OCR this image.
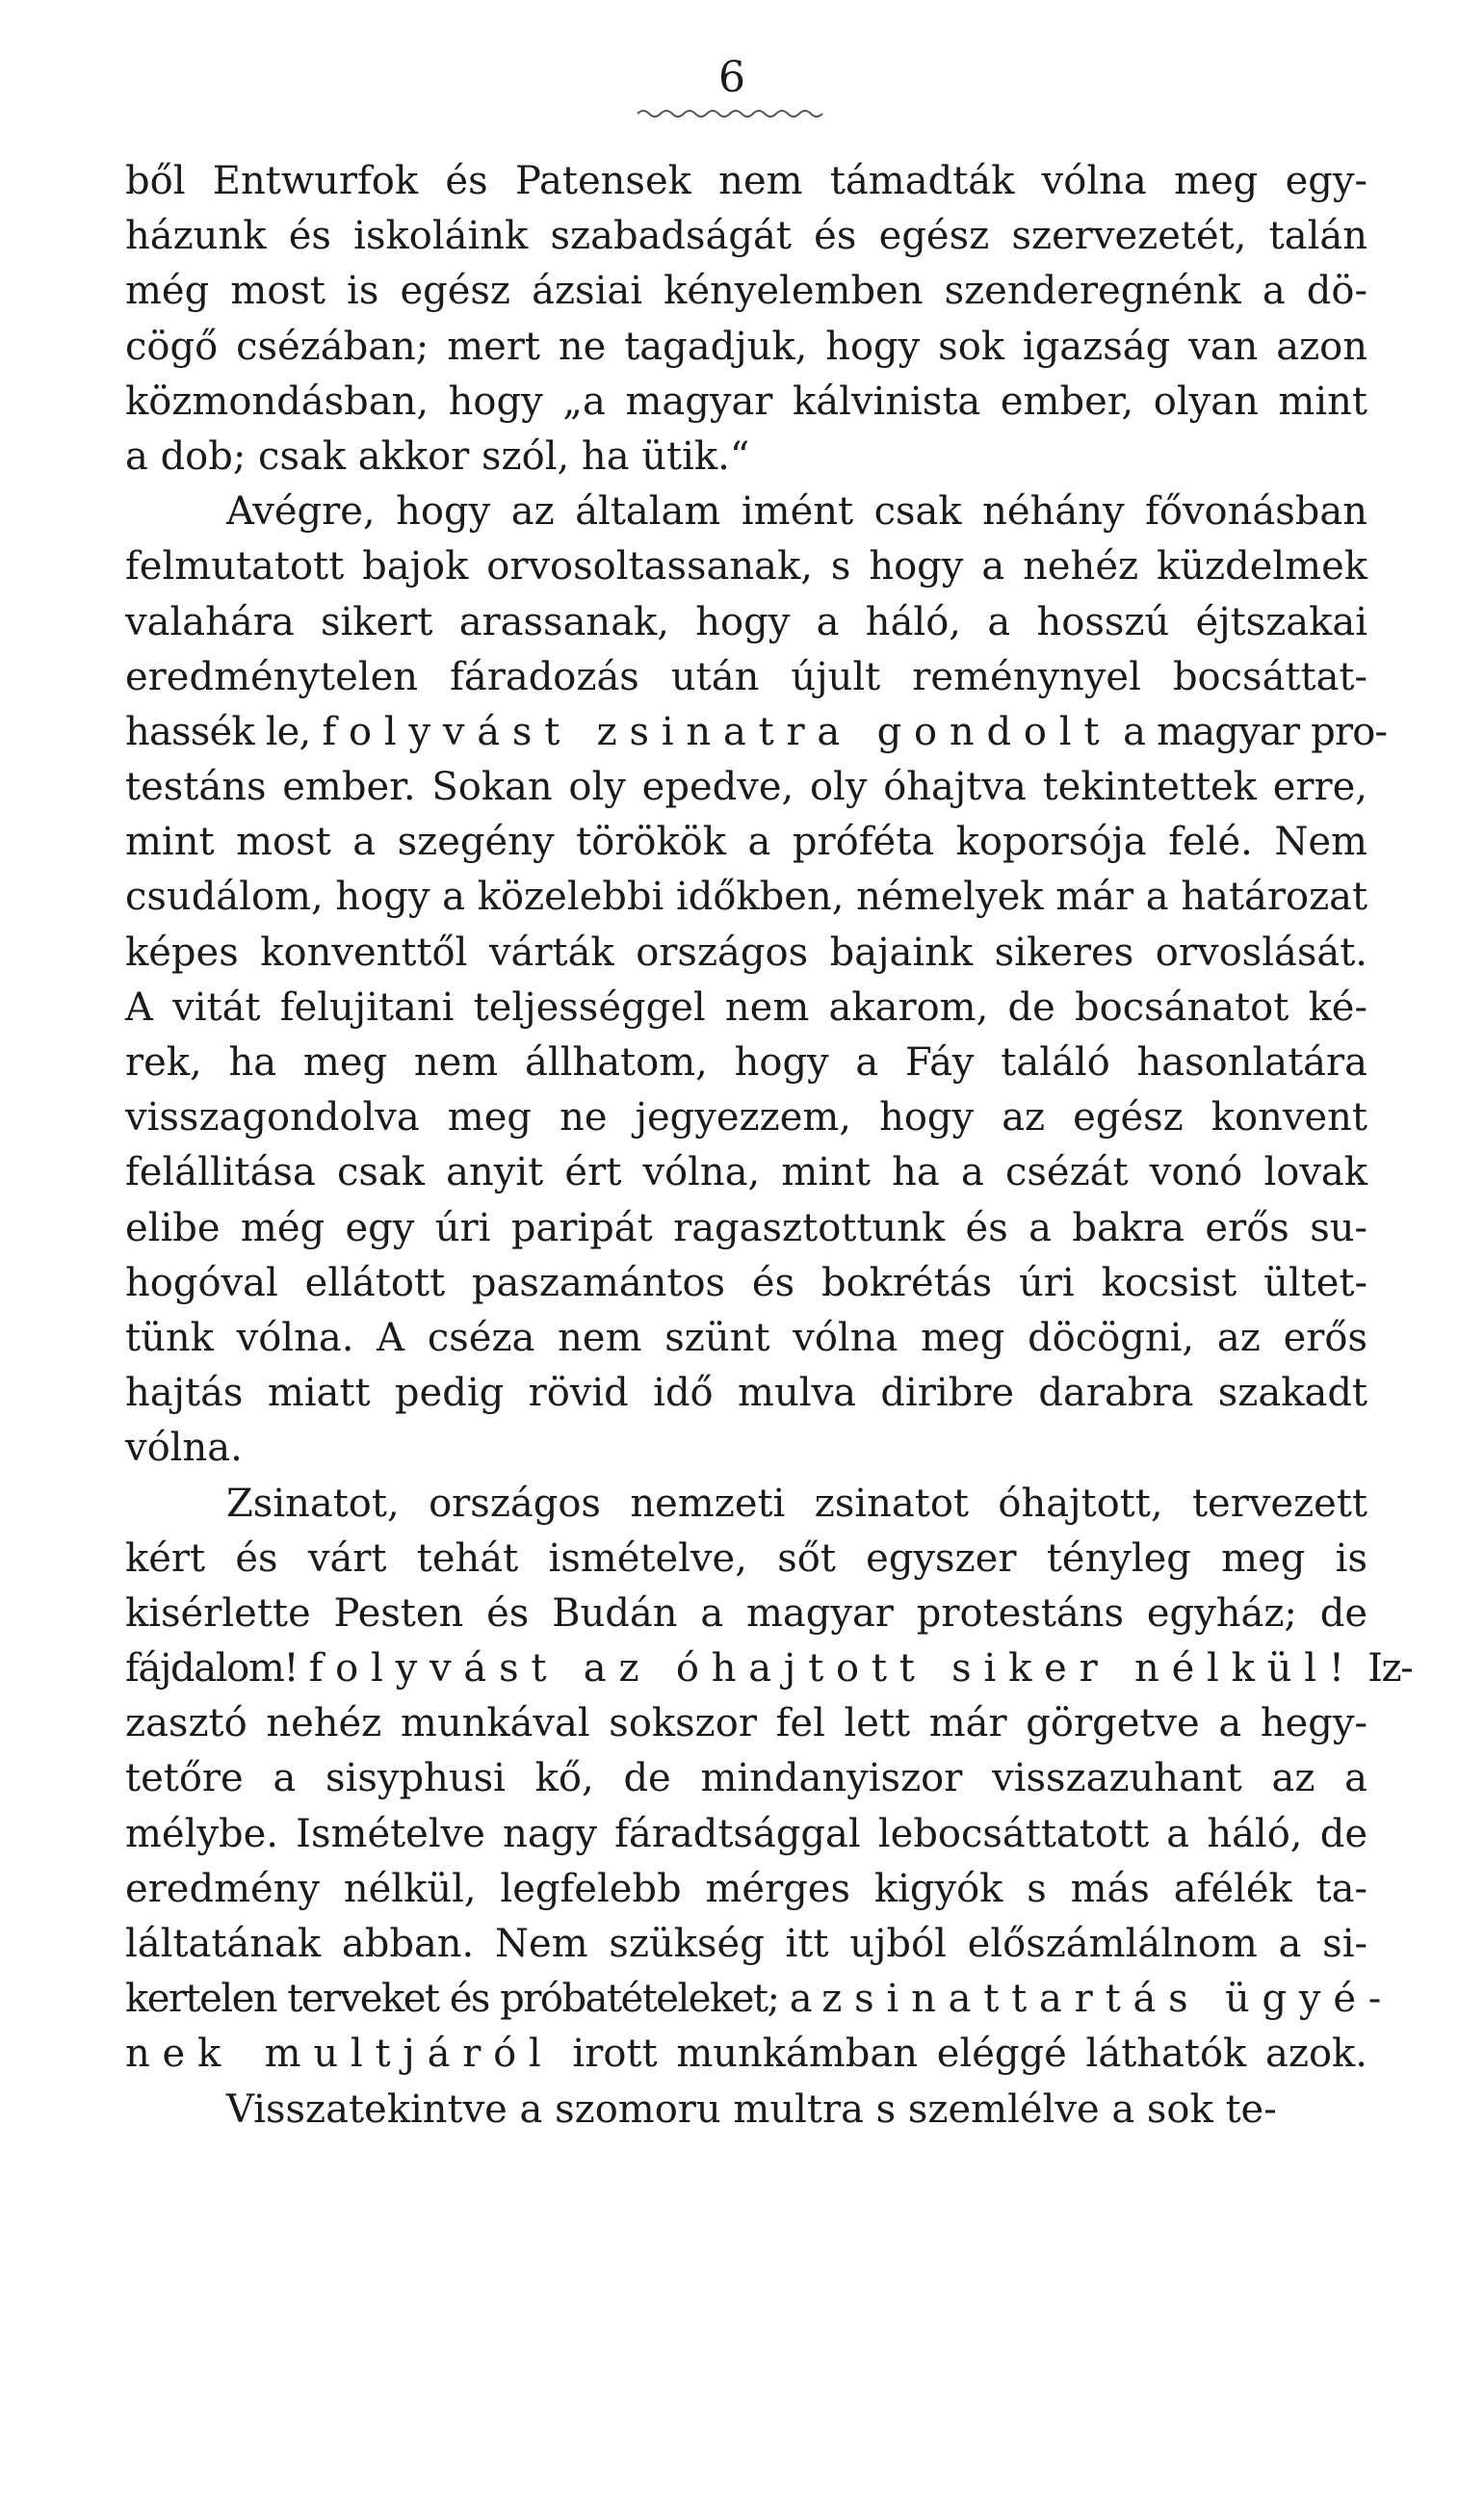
6
ből Entwurfok és Patensek nem támadták vólna meg egy-
házunk és iskoláink szabadságát és egész szervezetét, talán
még most is egész ázsiai kényelemben szenderegnénk a dö-
cögő csézában; mert ne tagadjuk, hogy sok igazság van azon
közmondásban, hogy „a magyar kálvinista ember, olyan mint
a dob; csak akkor szól, ha ütik.“
Avégre, hogy az általam imént csak néhány fővonásban
felmutatott bajok orvosoltassanak, s hogy a nehéz küzdelmek
valahára sikert arassanak, hogy a háló, a hosszú éjtszakai
eredménytelen fáradozás után újult reménynyel bocsáttat-
hassék le, folyvást zsinatra gondolt a magyar pro-
testáns ember. Sokan oly epedve, oly óhajtva tekintettek erre,
mint most a szegény törökök a próféta koporsója felé. Nem
csudálom, hogy a közelebbi időkben, némelyek már a határozat
képes konventtől várták országos bajaink sikeres orvoslását.
A vitát felujitani teljességgel nem akarom, de bocsánatot ké-
rek, ha meg nem állhatom, hogy a Fáy találó hasonlatára
visszagondolva meg ne jegyezzem, hogy az egész konvent
felállitása csak anyit ért vólna, mint ha a csézát vonó lovak
elibe még egy úri paripát ragasztottunk és a bakra erős su-
hogóval ellátott paszamántos és bokrétás úri kocsist ültet-
tünk vólna. A cséza nem szünt vólna meg döcögni, az erős
hajtás miatt pedig rövid idő mulva diribre darabra szakadt
vólna.
Zsinatot, országos nemzeti zsinatot óhajtott, tervezett
kért és várt tehát ismételve, sőt egyszer tényleg meg is
kisérlette Pesten és Budán a magyar protestáns egyház; de
fájdalom! folyvást az óhajtott siker nélkül! Iz-
zasztó nehéz munkával sokszor fel lett már görgetve a hegy-
tetőre a sisyphusi kő, de mindanyiszor visszazuhant az a
mélybe. Ismételve nagy fáradtsággal lebocsáttatott a háló, de
eredmény nélkül, legfelebb mérges kigyók s más afélék ta-
láltatának abban. Nem szükség itt ujból előszámlálnom a si-
kertelen terveket és próbatételeket; a zsinattartás ügyé-
nek multjáról irott munkámban eléggé láthatók azok.
Visszatekintve a szomoru multra s szemlélve a sok te-
